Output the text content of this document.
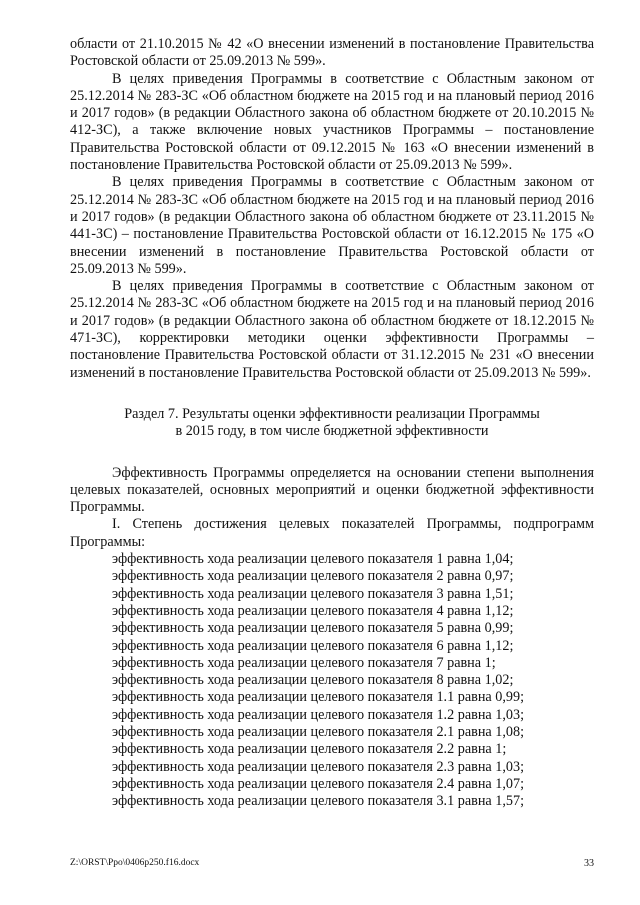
области от 21.10.2015 № 42 «О внесении изменений в постановление Правительства Ростовской области от 25.09.2013 № 599».

В целях приведения Программы в соответствие с Областным законом от 25.12.2014 № 283-ЗС «Об областном бюджете на 2015 год и на плановый период 2016 и 2017 годов» (в редакции Областного закона об областном бюджете от 20.10.2015 № 412-ЗС), а также включение новых участников Программы – постановление Правительства Ростовской области от 09.12.2015 № 163 «О внесении изменений в постановление Правительства Ростовской области от 25.09.2013 № 599».

В целях приведения Программы в соответствие с Областным законом от 25.12.2014 № 283-ЗС «Об областном бюджете на 2015 год и на плановый период 2016 и 2017 годов» (в редакции Областного закона об областном бюджете от 23.11.2015 № 441-ЗС) – постановление Правительства Ростовской области от 16.12.2015 № 175 «О внесении изменений в постановление Правительства Ростовской области от 25.09.2013 № 599».

В целях приведения Программы в соответствие с Областным законом от 25.12.2014 № 283-ЗС «Об областном бюджете на 2015 год и на плановый период 2016 и 2017 годов» (в редакции Областного закона об областном бюджете от 18.12.2015 № 471-ЗС), корректировки методики оценки эффективности Программы – постановление Правительства Ростовской области от 31.12.2015 № 231 «О внесении изменений в постановление Правительства Ростовской области от 25.09.2013 № 599».

Раздел 7. Результаты оценки эффективности реализации Программы
в 2015 году, в том числе бюджетной эффективности

Эффективность Программы определяется на основании степени выполнения целевых показателей, основных мероприятий и оценки бюджетной эффективности Программы.

I. Степень достижения целевых показателей Программы, подпрограмм Программы:

эффективность хода реализации целевого показателя 1 равна 1,04;

эффективность хода реализации целевого показателя 2 равна 0,97;

эффективность хода реализации целевого показателя 3 равна 1,51;

эффективность хода реализации целевого показателя 4 равна 1,12;

эффективность хода реализации целевого показателя 5 равна 0,99;

эффективность хода реализации целевого показателя 6 равна 1,12;

эффективность хода реализации целевого показателя 7 равна 1;

эффективность хода реализации целевого показателя 8 равна 1,02;

эффективность хода реализации целевого показателя 1.1 равна 0,99;

эффективность хода реализации целевого показателя 1.2 равна 1,03;

эффективность хода реализации целевого показателя 2.1 равна 1,08;

эффективность хода реализации целевого показателя 2.2 равна 1;

эффективность хода реализации целевого показателя 2.3 равна 1,03;

эффективность хода реализации целевого показателя 2.4 равна 1,07;

эффективность хода реализации целевого показателя 3.1 равна 1,57;

Z:\ORST\Ppo\0406p250.f16.docx	33
